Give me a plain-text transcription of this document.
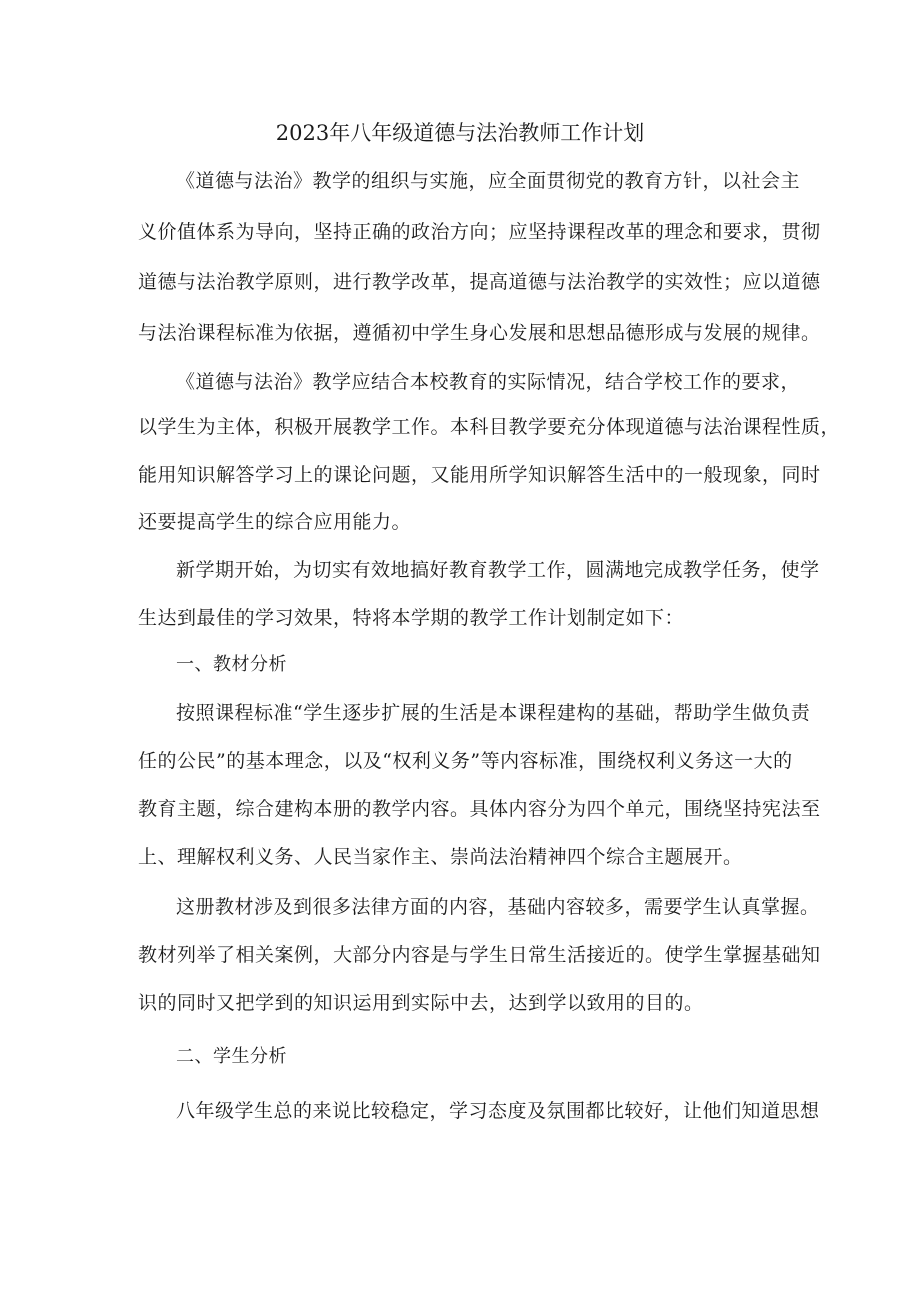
2023年八年级道德与法治教师工作计划
《道德与法治》教学的组织与实施，应全面贯彻党的教育方针，以社会主
义价值体系为导向，坚持正确的政治方向；应坚持课程改革的理念和要求，贯彻
道德与法治教学原则，进行教学改革，提高道德与法治教学的实效性；应以道德
与法治课程标准为依据，遵循初中学生身心发展和思想品德形成与发展的规律。
《道德与法治》教学应结合本校教育的实际情况，结合学校工作的要求，
以学生为主体，积极开展教学工作。本科目教学要充分体现道德与法治课程性质，
能用知识解答学习上的课论问题，又能用所学知识解答生活中的一般现象，同时
还要提高学生的综合应用能力。
新学期开始，为切实有效地搞好教育教学工作，圆满地完成教学任务，使学
生达到最佳的学习效果，特将本学期的教学工作计划制定如下：
一、教材分析
按照课程标准“学生逐步扩展的生活是本课程建构的基础，帮助学生做负责
任的公民”的基本理念，以及“权利义务”等内容标准，围绕权利义务这一大的
教育主题，综合建构本册的教学内容。具体内容分为四个单元，围绕坚持宪法至
上、理解权利义务、人民当家作主、崇尚法治精神四个综合主题展开。
这册教材涉及到很多法律方面的内容，基础内容较多，需要学生认真掌握。
教材列举了相关案例，大部分内容是与学生日常生活接近的。使学生掌握基础知
识的同时又把学到的知识运用到实际中去，达到学以致用的目的。
二、学生分析
八年级学生总的来说比较稳定，学习态度及氛围都比较好，让他们知道思想
